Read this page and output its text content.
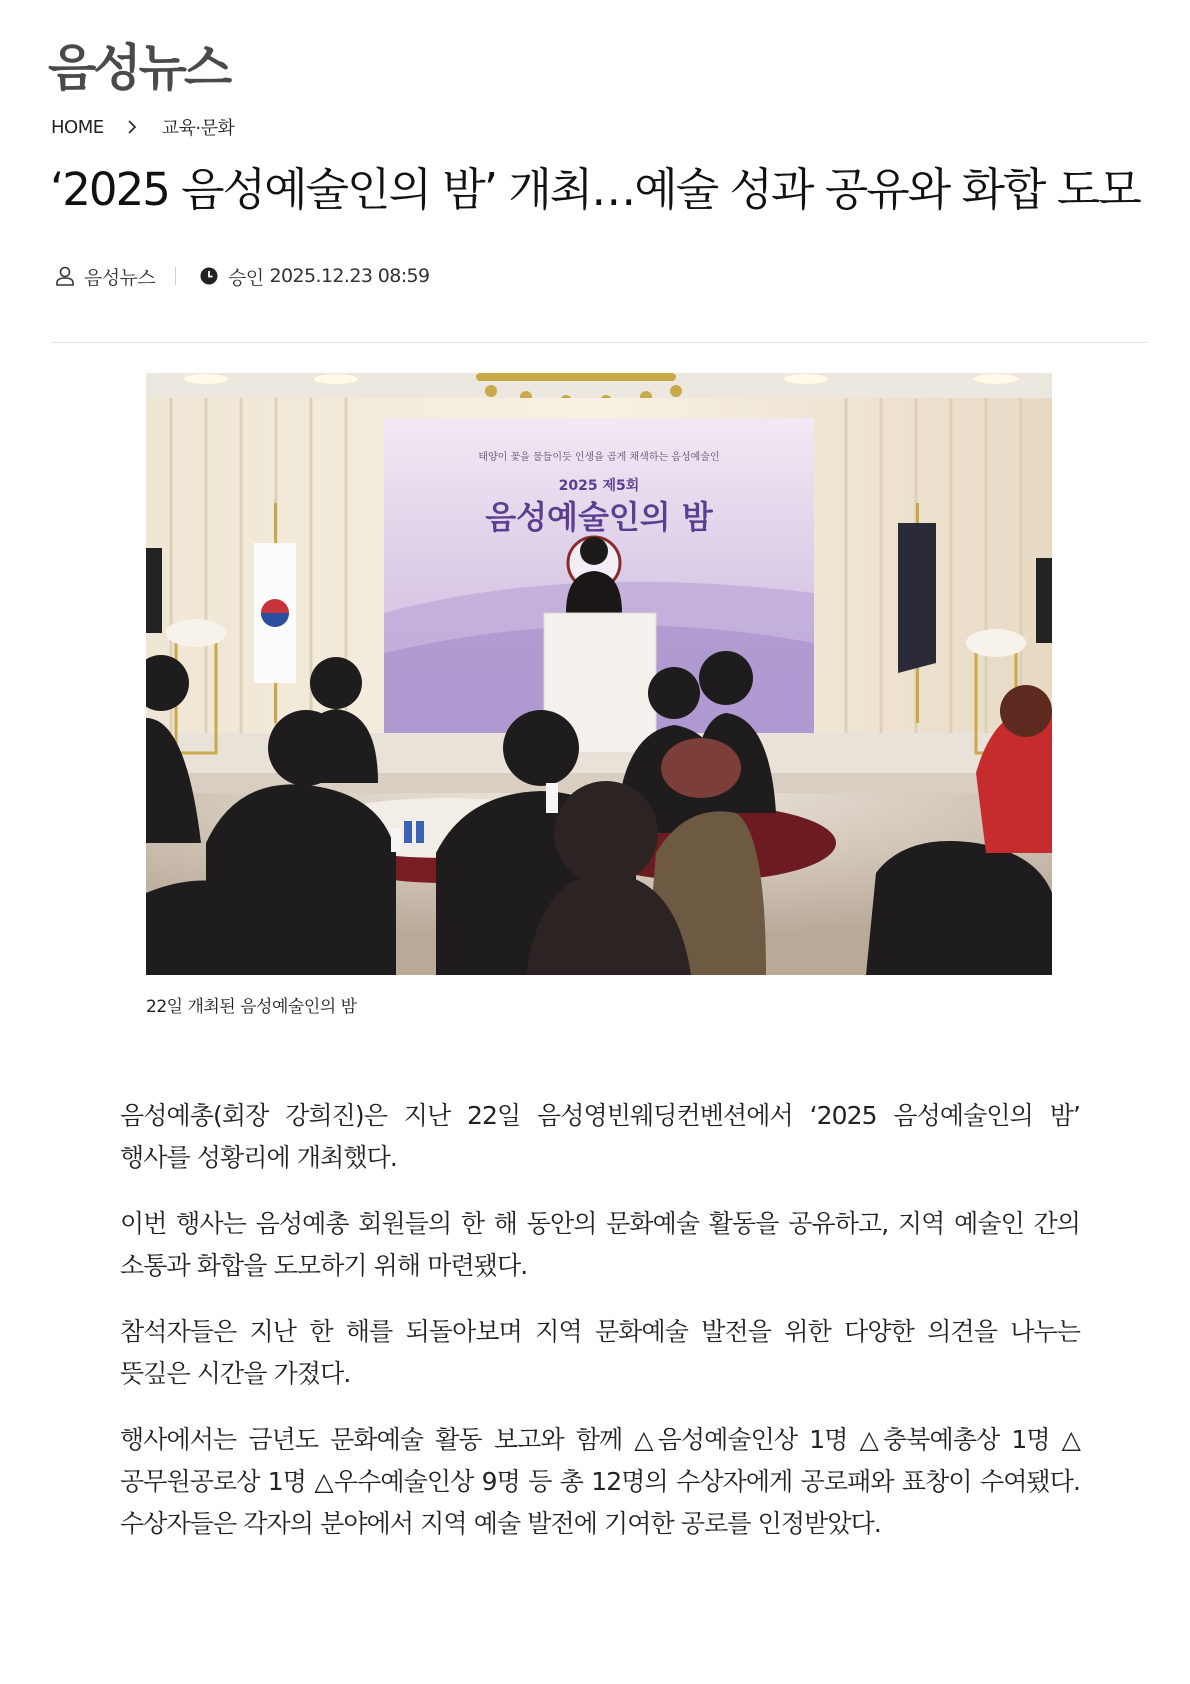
음성뉴스
HOME	교육·문화
‘2025 음성예술인의 밤’ 개최…예술 성과 공유와 화합 도모
음성뉴스	승인 2025.12.23 08:59
태양이 꽃을 물들이듯 인생을 곱게 채색하는 음성예술인
2025 제5회
음성예술인의 밤
22일 개최된 음성예술인의 밤

음성예총(회장 강희진)은 지난 22일 음성영빈웨딩컨벤션에서 ‘2025 음성예술인의 밤’ 행사를 성황리에 개최했다.

이번 행사는 음성예총 회원들의 한 해 동안의 문화예술 활동을 공유하고, 지역 예술인 간의 소통과 화합을 도모하기 위해 마련됐다.

참석자들은 지난 한 해를 되돌아보며 지역 문화예술 발전을 위한 다양한 의견을 나누는 뜻깊은 시간을 가졌다.

행사에서는 금년도 문화예술 활동 보고와 함께 △음성예술인상 1명 △충북예총상 1명 △공무원공로상 1명 △우수예술인상 9명 등 총 12명의 수상자에게 공로패와 표창이 수여됐다. 수상자들은 각자의 분야에서 지역 예술 발전에 기여한 공로를 인정받았다.
